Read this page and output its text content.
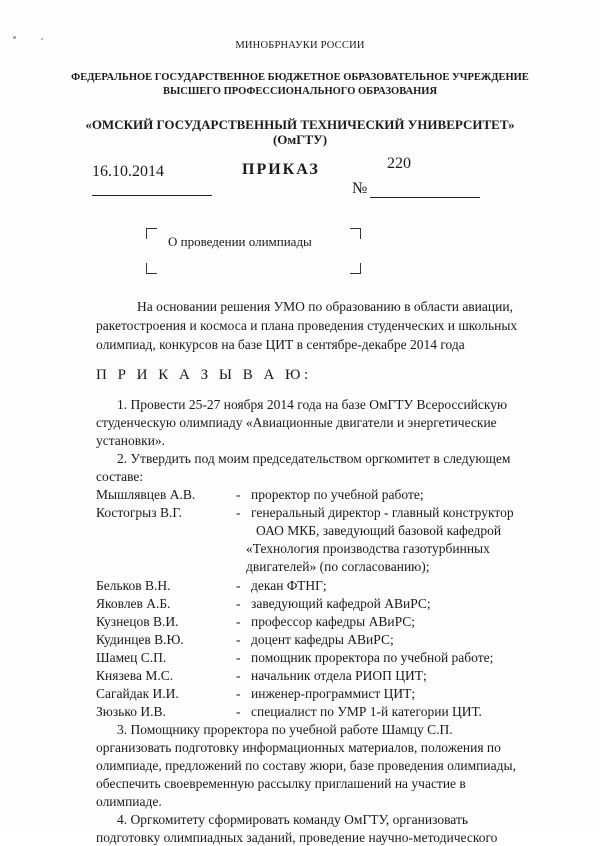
МИНОБРНАУКИ РОССИИ
ФЕДЕРАЛЬНОЕ ГОСУДАРСТВЕННОЕ БЮДЖЕТНОЕ ОБРАЗОВАТЕЛЬНОЕ УЧРЕЖДЕНИЕ
ВЫСШЕГО ПРОФЕССИОНАЛЬНОГО ОБРАЗОВАНИЯ
«ОМСКИЙ ГОСУДАРСТВЕННЫЙ ТЕХНИЧЕСКИЙ УНИВЕРСИТЕТ»
(ОмГТУ)
16.10.2014	ПРИКАЗ	220
№
О проведении олимпиады
На основании решения УМО по образованию в области авиации,
ракетостроения и космоса и плана проведения студенческих и школьных
олимпиад, конкурсов на базе ЦИТ в сентябре-декабре 2014 года
П Р И К А З Ы В А Ю:
1. Провести 25-27 ноября 2014 года на базе ОмГТУ Всероссийскую
студенческую олимпиаду «Авиационные двигатели и энергетические
установки».
2. Утвердить под моим председательством оргкомитет в следующем
составе:
Мышлявцев А.В.	- проректор по учебной работе;
Костогрыз В.Г.	- генеральный директор - главный конструктор
ОАО МКБ, заведующий базовой кафедрой
«Технология производства газотурбинных
двигателей» (по согласованию);
Бельков В.Н.	- декан ФТНГ;
Яковлев А.Б.	- заведующий кафедрой АВиРС;
Кузнецов В.И.	- профессор кафедры АВиРС;
Кудинцев В.Ю.	- доцент кафедры АВиРС;
Шамец С.П.	- помощник проректора по учебной работе;
Князева М.С.	- начальник отдела РИОП ЦИТ;
Сагайдак И.И.	- инженер-программист ЦИТ;
Зюзько И.В.	- специалист по УМР 1-й категории ЦИТ.
3. Помощнику проректора по учебной работе Шамцу С.П.
организовать подготовку информационных материалов, положения по
олимпиаде, предложений по составу жюри, базе проведения олимпиады,
обеспечить своевременную рассылку приглашений на участие в
олимпиаде.
4. Оргкомитету сформировать команду ОмГТУ, организовать
подготовку олимпиадных заданий, проведение научно-методического
